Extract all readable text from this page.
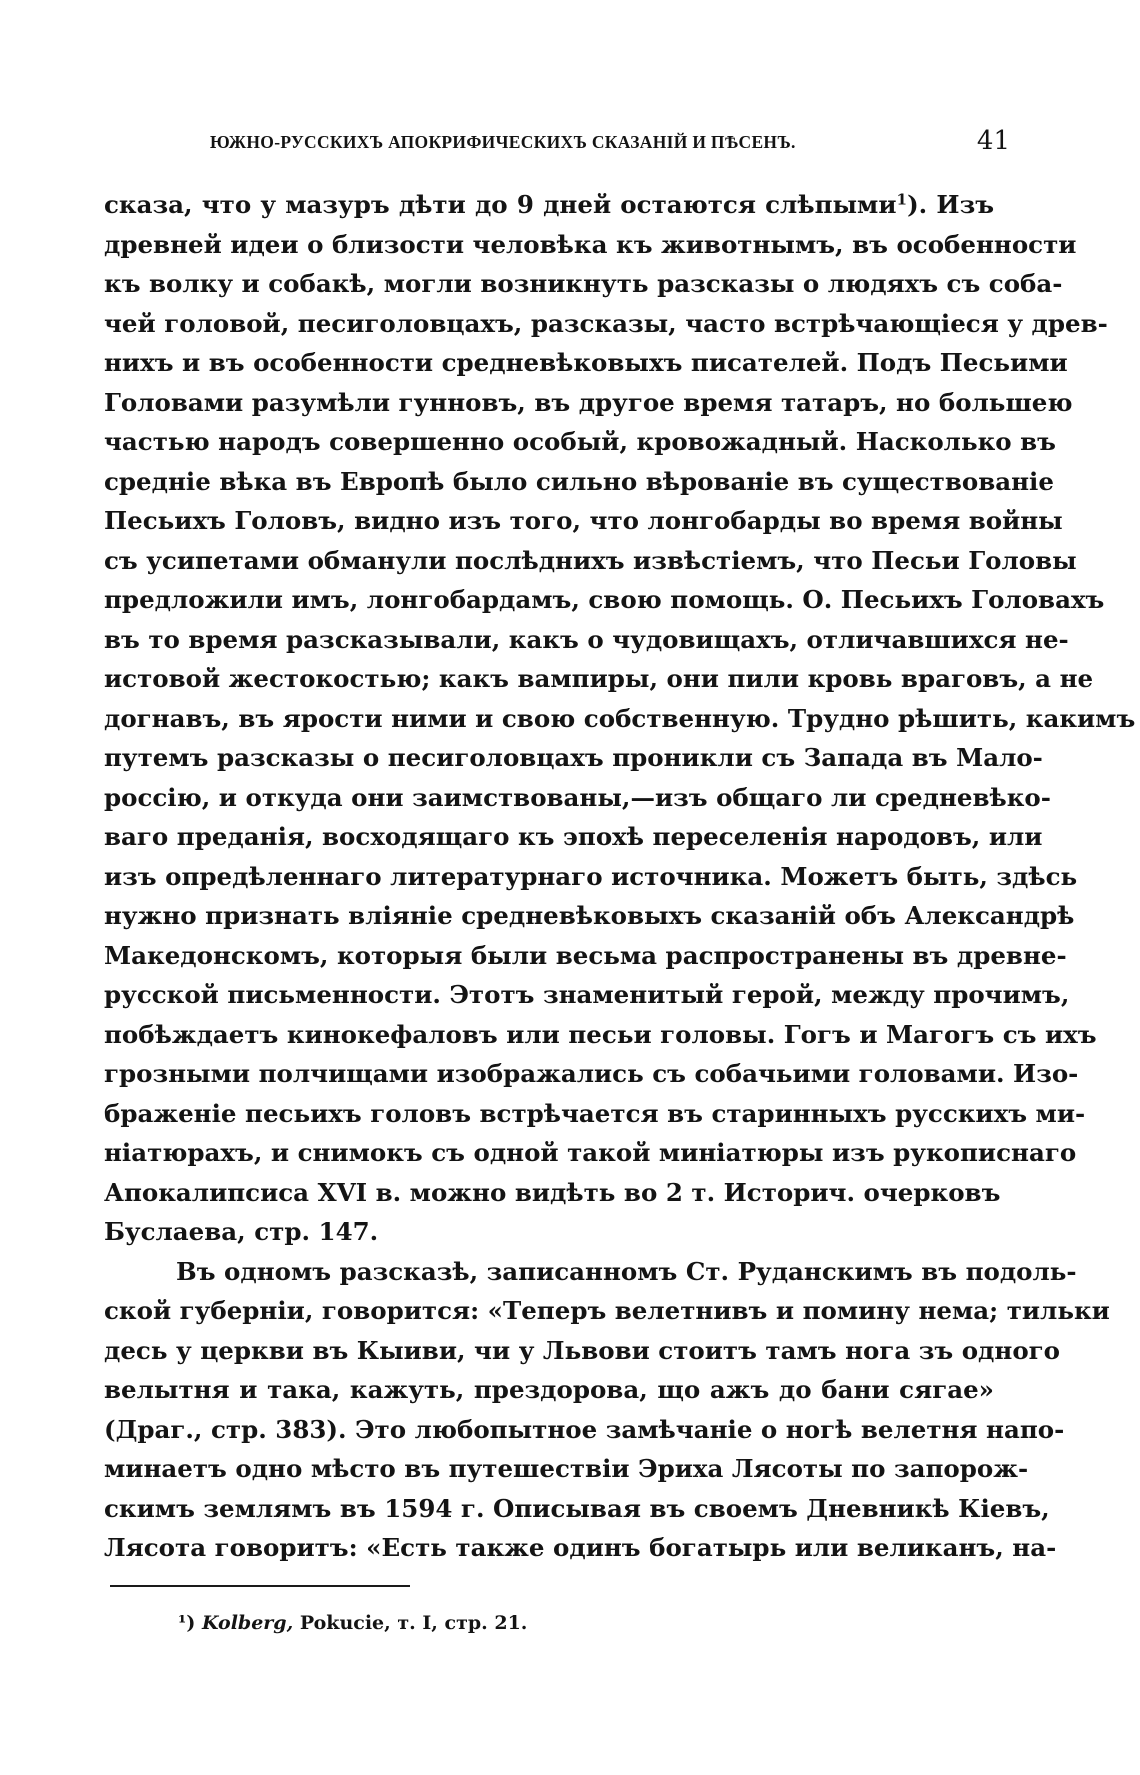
ЮЖНО-РУССКИХЪ АПОКРИФИЧЕСКИХЪ СКАЗАНІЙ И ПѢСЕНЪ.	41
сказа, что у мазуръ дѣти до 9 дней остаются слѣпыми$^1$). Изъ
древней идеи о близости человѣка къ животнымъ, въ особенности
къ волку и собакѣ, могли возникнуть разсказы о людяхъ съ соба-
чей головой, песиголовцахъ, разсказы, часто встрѣчающіеся у древ-
нихъ и въ особенности средневѣковыхъ писателей. Подъ Песьими
Головами разумѣли гунновъ, въ другое время татаръ, но большею
частью народъ совершенно особый, кровожадный. Насколько въ
средніе вѣка въ Европѣ было сильно вѣрованіе въ существованіе
Песьихъ Головъ, видно изъ того, что лонгобарды во время войны
съ усипетами обманули послѣднихъ извѣстіемъ, что Песьи Головы
предложили имъ, лонгобардамъ, свою помощь. О. Песьихъ Головахъ
въ то время разсказывали, какъ о чудовищахъ, отличавшихся не-
истовой жестокостью; какъ вампиры, они пили кровь враговъ, а не
догнавъ, въ ярости ними и свою собственную. Трудно рѣшить, какимъ
путемъ разсказы о песиголовцахъ проникли съ Запада въ Мало-
россію, и откуда они заимствованы,—изъ общаго ли средневѣко-
ваго преданія, восходящаго къ эпохѣ переселенія народовъ, или
изъ опредѣленнаго литературнаго источника. Можетъ быть, здѣсь
нужно признать вліяніе средневѣковыхъ сказаній объ Александрѣ
Македонскомъ, которыя были весьма распространены въ древне-
русской письменности. Этотъ знаменитый герой, между прочимъ,
побѣждаетъ кинокефаловъ или песьи головы. Гогъ и Магогъ съ ихъ
грозными полчищами изображались съ собачьими головами. Изо-
браженіе песьихъ головъ встрѣчается въ старинныхъ русскихъ ми-
ніатюрахъ, и снимокъ съ одной такой миніатюры изъ рукописнаго
Апокалипсиса XVI в. можно видѣть во 2 т. Историч. очерковъ
Буслаева, стр. 147.
Въ одномъ разсказѣ, записанномъ Ст. Руданскимъ въ подоль-
ской губерніи, говорится: «Теперъ велетнивъ и помину нема; тильки
десь у церкви въ Кыиви, чи у Львови стоитъ тамъ нога зъ одного
велытня и така, кажуть, прездорова, що ажъ до бани сягае»
(Драг., стр. 383). Это любопытное замѣчаніе о ногѣ велетня напо-
минаетъ одно мѣсто въ путешествіи Эриха Лясоты по запорож-
скимъ землямъ въ 1594 г. Описывая въ своемъ Дневникѣ Кіевъ,
Лясота говоритъ: «Есть также одинъ богатырь или великанъ, на-
¹) Kolberg, Pokucie, т. I, стр. 21.
